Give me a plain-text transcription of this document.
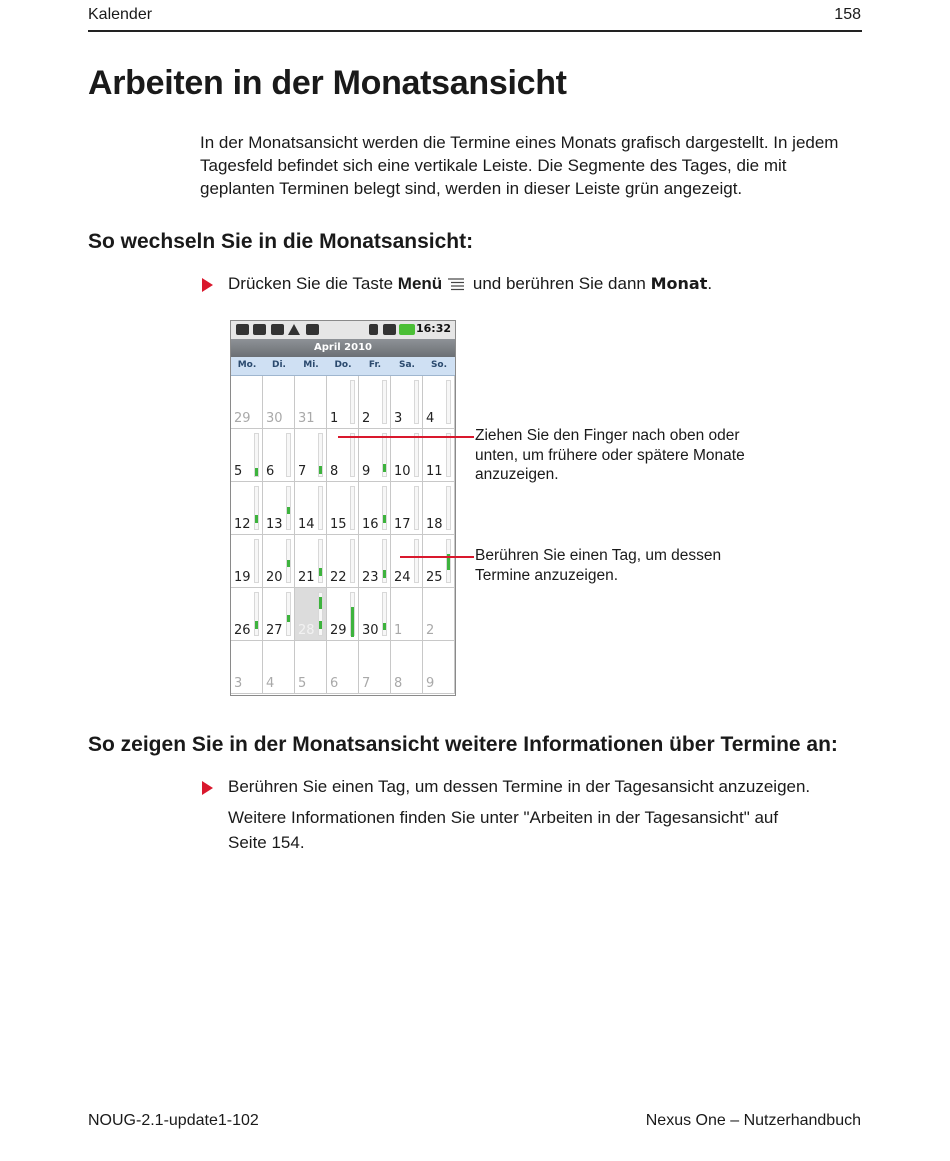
Kalender	158
Arbeiten in der Monatsansicht

In der Monatsansicht werden die Termine eines Monats grafisch dargestellt. In jedem Tagesfeld befindet sich eine vertikale Leiste. Die Segmente des Tages, die mit geplanten Terminen belegt sind, werden in dieser Leiste grün angezeigt.

So wechseln Sie in die Monatsansicht:
Drücken Sie die Taste Menü und berühren Sie dann Monat.
16:32
April 2010
Mo.	Di.	Mi.	Do.	Fr.	Sa.	So.
29 30 31 1 2 3 4
5 6 7 8 9 10 11
12 13 14 15 16 17 18
19 20 21 22 23 24 25
26 27 28 29 30 1 2
3 4 5 6 7 8 9

Ziehen Sie den Finger nach oben oder unten, um frühere oder spätere Monate anzuzeigen.

Berühren Sie einen Tag, um dessen Termine anzuzeigen.

So zeigen Sie in der Monatsansicht weitere Informationen über Termine an:
Berühren Sie einen Tag, um dessen Termine in der Tagesansicht anzuzeigen.

Weitere Informationen finden Sie unter "Arbeiten in der Tagesansicht" auf Seite 154.

NOUG-2.1-update1-102	Nexus One – Nutzerhandbuch
